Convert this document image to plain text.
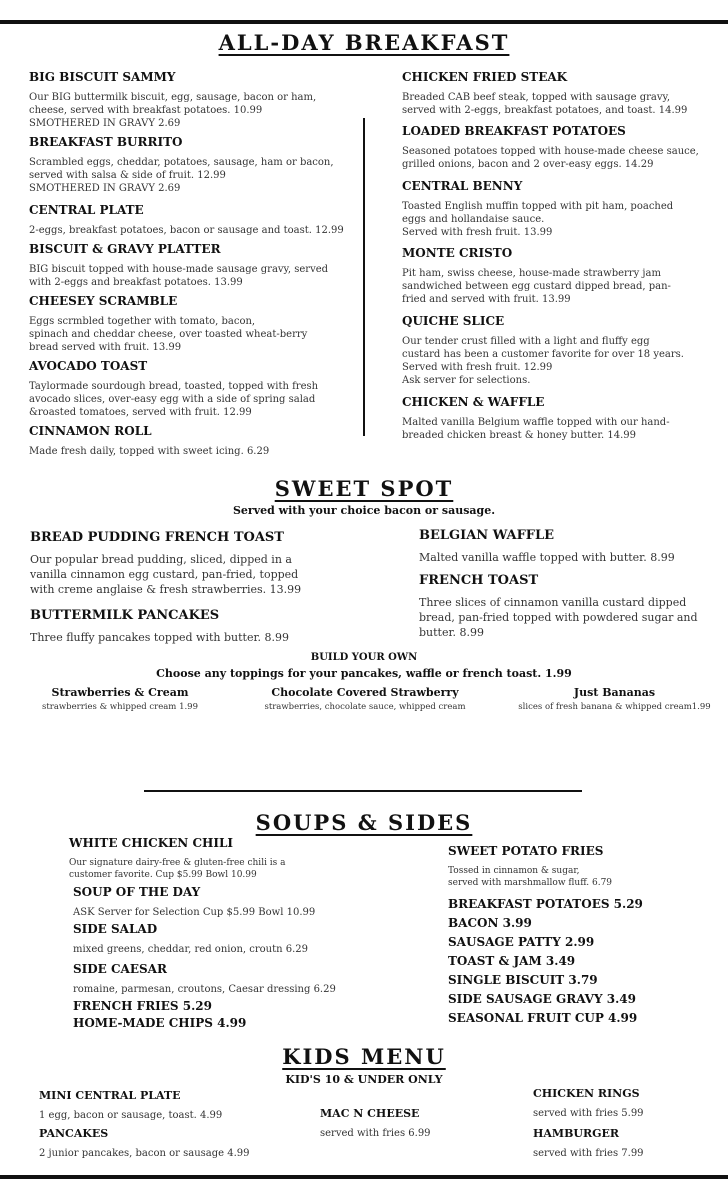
ALL-DAY BREAKFAST
BIG BISCUIT SAMMY
Our BIG buttermilk biscuit, egg, sausage, bacon or ham,
cheese, served with breakfast potatoes. 10.99
SMOTHERED IN GRAVY 2.69
BREAKFAST BURRITO
Scrambled eggs, cheddar, potatoes, sausage, ham or bacon,
served with salsa & side of fruit. 12.99
SMOTHERED IN GRAVY 2.69
CENTRAL PLATE
2-eggs, breakfast potatoes, bacon or sausage and toast. 12.99
BISCUIT & GRAVY PLATTER
BIG biscuit topped with house-made sausage gravy, served
with 2-eggs and breakfast potatoes. 13.99
CHEESEY SCRAMBLE
Eggs scrmbled together with tomato, bacon,
spinach and cheddar cheese, over toasted wheat-berry
bread served with fruit. 13.99
AVOCADO TOAST
Taylormade sourdough bread, toasted, topped with fresh
avocado slices, over-easy egg with a side of spring salad
&roasted tomatoes, served with fruit. 12.99
CINNAMON ROLL
Made fresh daily, topped with sweet icing. 6.29
CHICKEN FRIED STEAK
Breaded CAB beef steak, topped with sausage gravy,
served with 2-eggs, breakfast potatoes, and toast. 14.99
LOADED BREAKFAST POTATOES
Seasoned potatoes topped with house-made cheese sauce,
grilled onions, bacon and 2 over-easy eggs. 14.29
CENTRAL BENNY
Toasted English muffin topped with pit ham, poached
eggs and hollandaise sauce.
Served with fresh fruit. 13.99
MONTE CRISTO
Pit ham, swiss cheese, house-made strawberry jam
sandwiched between egg custard dipped bread, pan-
fried and served with fruit. 13.99
QUICHE SLICE
Our tender crust filled with a light and fluffy egg
custard has been a customer favorite for over 18 years.
Served with fresh fruit. 12.99
Ask server for selections.
CHICKEN & WAFFLE
Malted vanilla Belgium waffle topped with our hand-
breaded chicken breast & honey butter. 14.99
SWEET SPOT
Served with your choice bacon or sausage.
BREAD PUDDING FRENCH TOAST
Our popular bread pudding, sliced, dipped in a
vanilla cinnamon egg custard, pan-fried, topped
with creme anglaise & fresh strawberries. 13.99
BUTTERMILK PANCAKES
Three fluffy pancakes topped with butter. 8.99
BELGIAN WAFFLE
Malted vanilla waffle topped with butter. 8.99
FRENCH TOAST
Three slices of cinnamon vanilla custard dipped
bread, pan-fried topped with powdered sugar and
butter. 8.99
BUILD YOUR OWN
Choose any toppings for your pancakes, waffle or french toast. 1.99
Strawberries & Cream
strawberries & whipped cream 1.99
Chocolate Covered Strawberry
strawberries, chocolate sauce, whipped cream
Just Bananas
slices of fresh banana & whipped cream1.99
SOUPS & SIDES
WHITE CHICKEN CHILI
Our signature dairy-free & gluten-free chili is a
customer favorite. Cup $5.99 Bowl 10.99
SOUP OF THE DAY
ASK Server for Selection Cup $5.99 Bowl 10.99
SIDE SALAD
mixed greens, cheddar, red onion, croutn 6.29
SIDE CAESAR
romaine, parmesan, croutons, Caesar dressing 6.29
FRENCH FRIES 5.29
HOME-MADE CHIPS 4.99
SWEET POTATO FRIES
Tossed in cinnamon & sugar,
served with marshmallow fluff. 6.79
BREAKFAST POTATOES 5.29
BACON 3.99
SAUSAGE PATTY 2.99
TOAST & JAM 3.49
SINGLE BISCUIT 3.79
SIDE SAUSAGE GRAVY 3.49
SEASONAL FRUIT CUP 4.99
KIDS MENU
KID'S 10 & UNDER ONLY
MINI CENTRAL PLATE
1 egg, bacon or sausage, toast. 4.99
PANCAKES
2 junior pancakes, bacon or sausage 4.99
MAC N CHEESE
served with fries 6.99
CHICKEN RINGS
served with fries 5.99
HAMBURGER
served with fries 7.99
